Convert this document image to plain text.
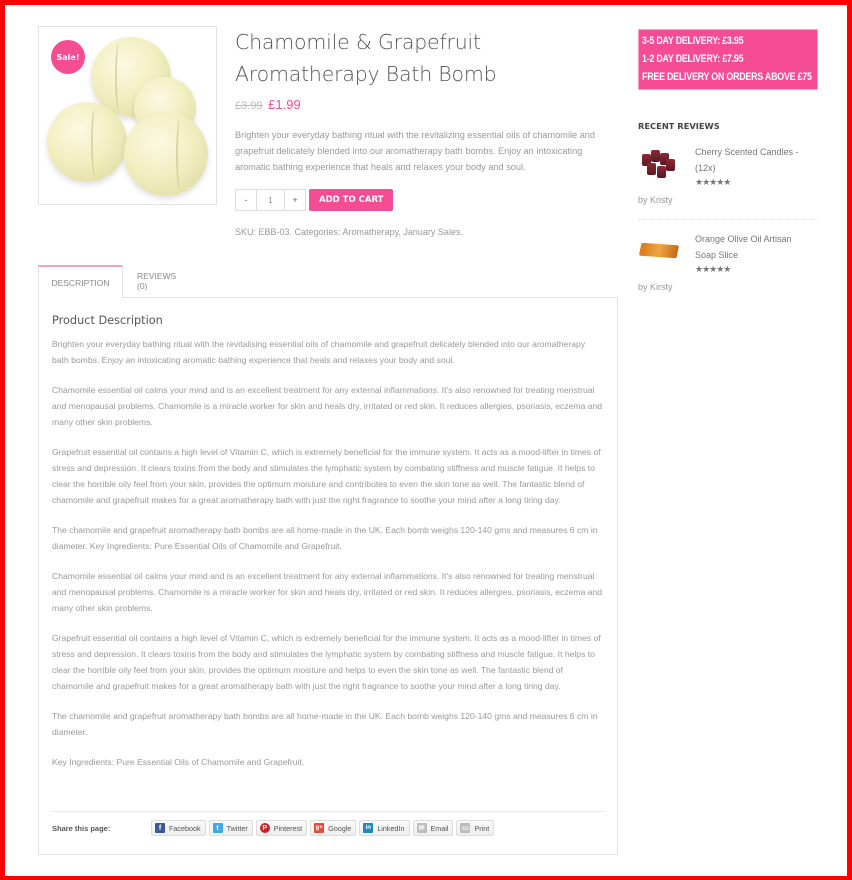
Sale!
Chamomile & Grapefruit Aromatherapy Bath Bomb
£3.99 £1.99

Brighten your everyday bathing ritual with the revitalizing essential oils of chamomile and grapefruit delicately blended into our aromatherapy bath bombs. Enjoy an intoxicating aromatic bathing experience that heals and relaxes your body and soul.

-	1	+	ADD TO CART
SKU: EBB-03. Categories: Aromatherapy, January Sales.
3-5 DAY DELIVERY: £3.95
1-2 DAY DELIVERY: £7.95
FREE DELIVERY ON ORDERS ABOVE £75
RECENT REVIEWS
Cherry Scented Candles - (12x)
★★★★★
by Kristy
Orange Olive Oil Artisan Soap Slice
★★★★★
by Kirsty
DESCRIPTION
REVIEWS (0)
Product Description

Brighten your everyday bathing ritual with the revitalising essential oils of chamomile and grapefruit delicately blended into our aromatherapy bath bombs. Enjoy an intoxicating aromatic bathing experience that heals and relaxes your body and soul.

Chamomile essential oil calms your mind and is an excellent treatment for any external inflammations. It’s also renowned for treating menstrual and menopausal problems. Chamomile is a miracle worker for skin and heals dry, irritated or red skin. It reduces allergies, psoriasis, eczema and many other skin problems.

Grapefruit essential oil contains a high level of Vitamin C, which is extremely beneficial for the immune system. It acts as a mood-lifter in times of stress and depression. It clears toxins from the body and stimulates the lymphatic system by combating stiffness and muscle fatigue. It helps to clear the horrible oily feel from your skin, provides the optimum moisture and contributes to even the skin tone as well. The fantastic blend of chamomile and grapefruit makes for a great aromatherapy bath with just the right fragrance to soothe your mind after a long tiring day.

The chamomile and grapefruit aromatherapy bath bombs are all home-made in the UK. Each bomb weighs 120-140 gms and measures 6 cm in diameter. Key Ingredients: Pure Essential Oils of Chamomile and Grapefruit.

Chamomile essential oil calms your mind and is an excellent treatment for any external inflammations. It’s also renowned for treating menstrual and menopausal problems. Chamomile is a miracle worker for skin and heals dry, irritated or red skin. It reduces allergies, psoriasis, eczema and many other skin problems.

Grapefruit essential oil contains a high level of Vitamin C, which is extremely beneficial for the immune system. It acts as a mood-lifter in times of stress and depression. It clears toxins from the body and stimulates the lymphatic system by combating stiffness and muscle fatigue. It helps to clear the horrible oily feel from your skin, provides the optimum moisture and helps to even the skin tone as well. The fantastic blend of chamomile and grapefruit makes for a great aromatherapy bath with just the right fragrance to soothe your mind after a long tiring day.

The chamomile and grapefruit aromatherapy bath bombs are all home-made in the UK. Each bomb weighs 120-140 gms and measures 6 cm in diameter.

Key Ingredients: Pure Essential Oils of Chamomile and Grapefruit.

Share this page:	f	Facebook	t	Twitter	P Pinterest g+ Google	in LinkedIn ✉ Email ▭ Print
